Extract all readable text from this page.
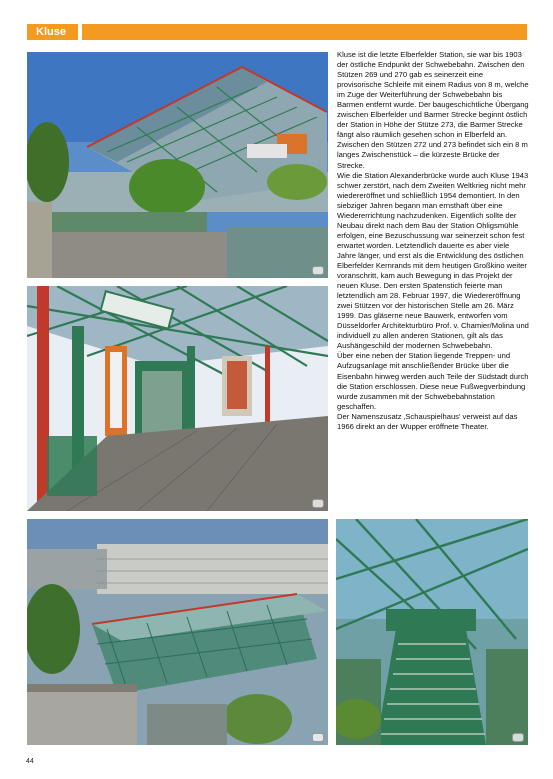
Kluse

Kluse ist die letzte Elberfelder Station, sie war bis 1903 der östliche Endpunkt der Schwebebahn. Zwischen den Stützen 269 und 270 gab es seinerzeit eine provisorische Schleife mit einem Radius von 8 m, welche im Zuge der Weiterführung der Schwebebahn bis Barmen entfernt wurde. Der baugeschichtliche Übergang zwischen Elberfelder und Barmer Strecke beginnt östlich der Station in Höhe der Stütze 273, die Barmer Strecke fängt also räumlich gesehen schon in Elberfeld an. Zwischen den Stützen 272 und 273 befindet sich ein 8 m langes Zwischenstück – die kürzeste Brücke der Strecke.

Wie die Station Alexanderbrücke wurde auch Kluse 1943 schwer zerstört, nach dem Zweiten Weltkrieg nicht mehr wiedereröffnet und schließlich 1954 demontiert. In den siebziger Jahren begann man ernsthaft über eine Wiedererrichtung nachzudenken. Eigentlich sollte der Neubau direkt nach dem Bau der Station Ohligsmühle erfolgen, eine Bezuschussung war seinerzeit schon fest erwartet worden. Letztendlich dauerte es aber viele Jahre länger, und erst als die Entwicklung des östlichen Elberfelder Kernrands mit dem heutigen Großkino weiter voranschritt, kam auch Bewegung in das Projekt der neuen Kluse. Den ersten Spatenstich feierte man letztendlich am 28. Februar 1997, die Wiedereröffnung zwei Stützen vor der historischen Stelle am 26. März 1999. Das gläserne neue Bauwerk, entworfen vom Düsseldorfer Architekturbüro Prof. v. Chamier/Molina und individuell zu allen anderen Stationen, gilt als das Aushängeschild der modernen Schwebebahn.

Über eine neben der Station liegende Treppen- und Aufzugsanlage mit anschließender Brücke über die Eisenbahn hinweg werden auch Teile der Südstadt durch die Station erschlossen. Diese neue Fußwegverbindung wurde zusammen mit der Schwebebahnstation geschaffen.

Der Namenszusatz ‚Schauspielhaus' verweist auf das 1966 direkt an der Wupper eröffnete Theater.

44
